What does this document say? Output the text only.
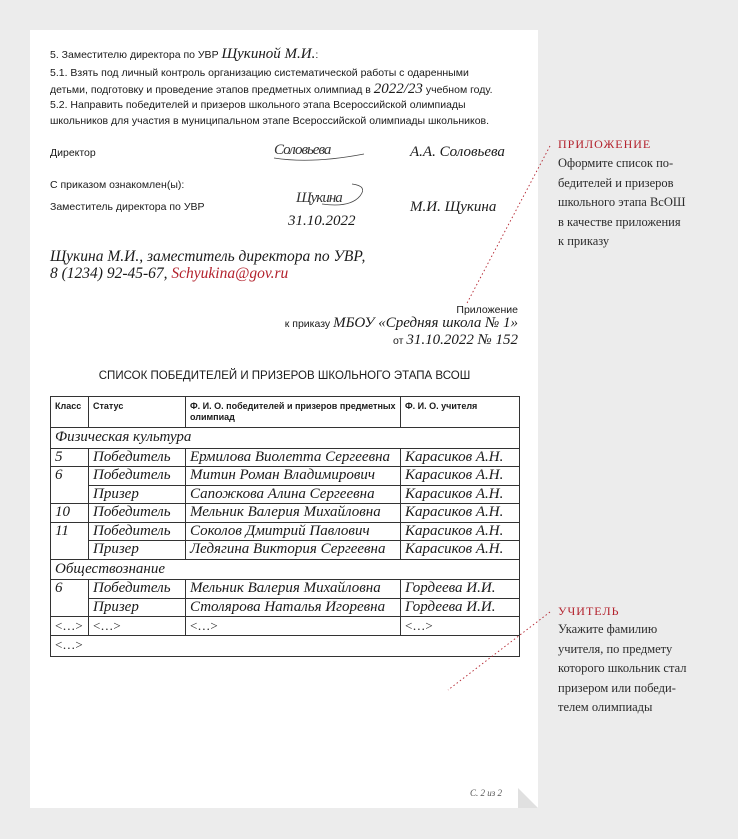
5. Заместителю директора по УВР Щукиной М.И.:
5.1. Взять под личный контроль организацию систематической работы с одаренными
детьми, подготовку и проведение этапов предметных олимпиад в 2022/23 учебном году.
5.2. Направить победителей и призеров школьного этапа Всероссийской олимпиады
школьников для участия в муниципальном этапе Всероссийской олимпиады школьников.
Директор	Соловьева	А.А. Соловьева
С приказом ознакомлен(ы):
Заместитель директора по УВР
Щукина
31.10.2022
М.И. Щукина
Щукина М.И., заместитель директора по УВР,
8 (1234) 92-45-67, Schyukina@gov.ru
Приложение
к приказу МБОУ «Средняя школа № 1»
от 31.10.2022 № 152
СПИСОК ПОБЕДИТЕЛЕЙ И ПРИЗЕРОВ ШКОЛЬНОГО ЭТАПА ВСОШ
Класс	Статус	Ф. И. О. победителей и призеров предметных олимпиад	Ф. И. О. учителя
Физическая культура			
5	Победитель	Ермилова Виолетта Сергеевна	Карасиков А.Н.
6	Победитель	Митин Роман Владимирович	Карасиков А.Н.
	Призер	Сапожкова Алина Сергеевна	Карасиков А.Н.
10	Победитель	Мельник Валерия Михайловна	Карасиков А.Н.
11	Победитель	Соколов Дмитрий Павлович	Карасиков А.Н.
	Призер	Ледягина Виктория Сергеевна	Карасиков А.Н.
Обществознание			
6	Победитель	Мельник Валерия Михайловна	Гордеева И.И.
	Призер	Столярова Наталья Игоревна	Гордеева И.И.
<…>	<…>	<…>	<…>
<…>			
С. 2 из 2
ПРИЛОЖЕНИЕ
Оформите список по-
бедителей и призеров
школьного этапа ВсОШ
в качестве приложения
к приказу
УЧИТЕЛЬ
Укажите фамилию
учителя, по предмету
которого школьник стал
призером или победи-
телем олимпиады
